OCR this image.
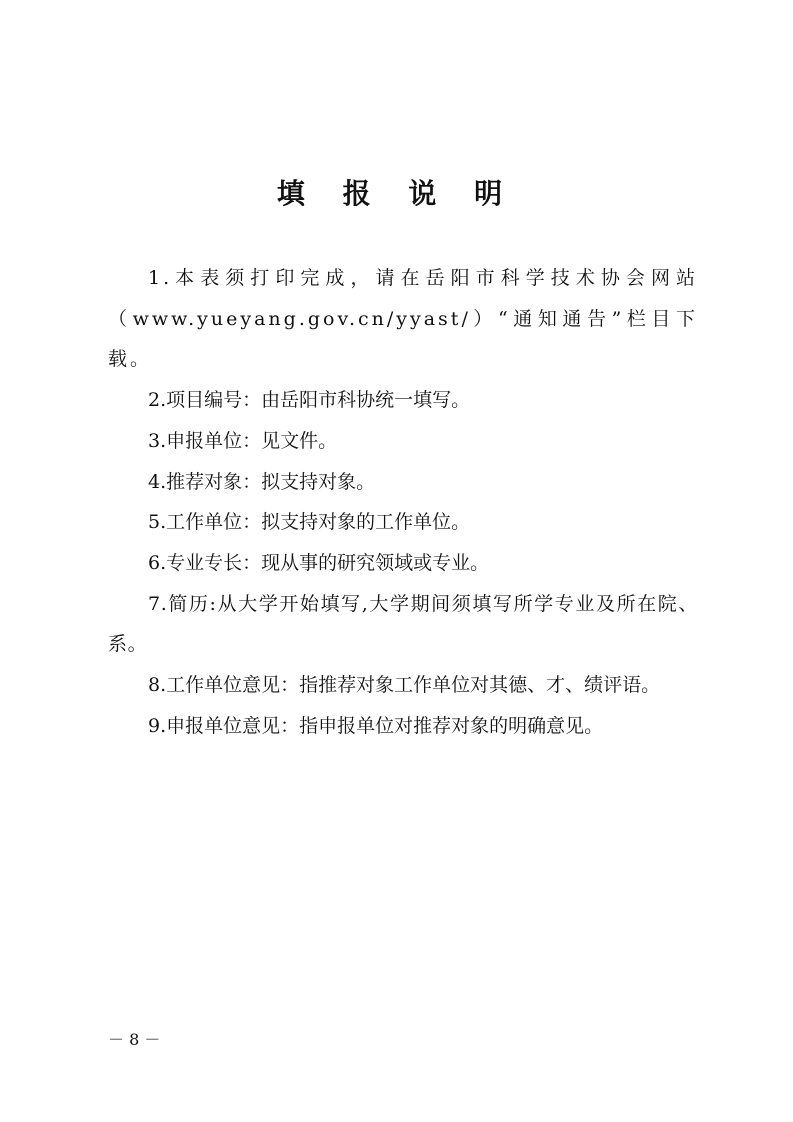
填 报 说 明

1.本表须打印完成，请在岳阳市科学技术协会网站（www.yueyang.gov.cn/yyast/）“通知通告”栏目下载。

2.项目编号：由岳阳市科协统一填写。

3.申报单位：见文件。

4.推荐对象：拟支持对象。

5.工作单位：拟支持对象的工作单位。

6.专业专长：现从事的研究领域或专业。

7.简历:从大学开始填写,大学期间须填写所学专业及所在院、系。

8.工作单位意见：指推荐对象工作单位对其德、才、绩评语。

9.申报单位意见：指申报单位对推荐对象的明确意见。

－ 8 －
